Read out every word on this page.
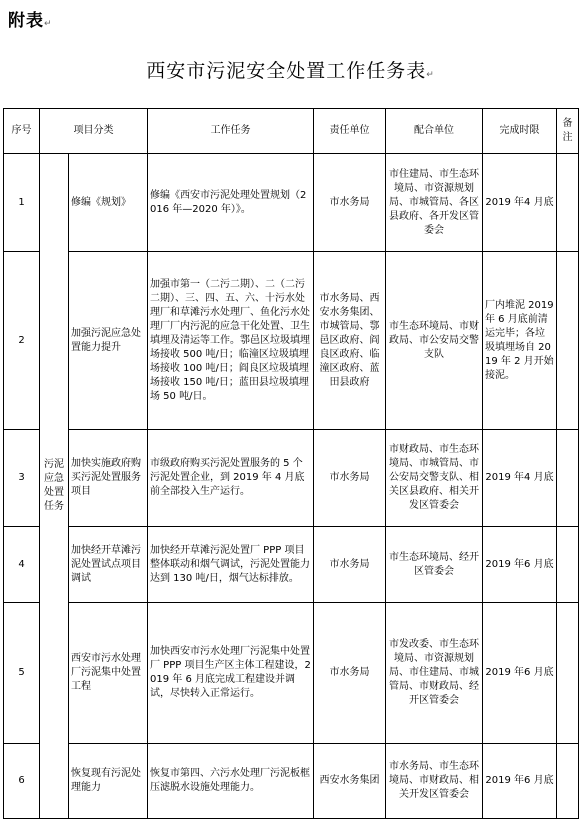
附表↵
西安市污泥安全处置工作任务表↵
序号	项目分类		工作任务	责任单位	配合单位	完成时限	备注
1	污泥应急处置任务	修编《规划》	修编《西安市污泥处理处置规划（2016 年—2020 年）》。	市水务局	市住建局、市生态环境局、市资源规划局、市城管局、各区县政府、各开发区管委会	2019 年4 月底	
2		加强污泥应急处置能力提升	加强市第一（二污二期）、二（二污二期）、三、四、五、六、十污水处理厂和草滩污水处理厂、鱼化污水处理厂厂内污泥的应急干化处置、卫生填埋及清运等工作。鄠邑区垃圾填埋场接收 500 吨/日；临潼区垃圾填埋场接收 100 吨/日；阎良区垃圾填埋场接收 150 吨/日；蓝田县垃圾填埋场 50 吨/日。	市水务局、西安水务集团、市城管局、鄠邑区政府、阎良区政府、临潼区政府、蓝田县政府	市生态环境局、市财政局、市公安局交警支队	厂内堆泥 2019 年 6 月底前清运完毕；各垃圾填埋场自 2019 年 2 月开始接泥。	
3		加快实施政府购买污泥处置服务项目	市级政府购买污泥处置服务的 5 个污泥处置企业，到 2019 年 4 月底前全部投入生产运行。	市水务局	市财政局、市生态环境局、市城管局、市公安局交警支队、相关区县政府、相关开发区管委会	2019 年4 月底	
4		加快经开草滩污泥处置试点项目调试	加快经开草滩污泥处置厂 PPP 项目整体联动和烟气调试，污泥处置能力达到 130 吨/日，烟气达标排放。	市水务局	市生态环境局、经开区管委会	2019 年6 月底	
5		西安市污水处理厂污泥集中处置工程	加快西安市污水处理厂污泥集中处置厂 PPP 项目生产区主体工程建设，2019 年 6 月底完成工程建设并调试，尽快转入正常运行。	市水务局	市发改委、市生态环境局、市资源规划局、市住建局、市城管局、市财政局、经开区管委会	2019 年6 月底	
6		恢复现有污泥处理能力	恢复市第四、六污水处理厂污泥板框压滤脱水设施处理能力。	西安水务集团	市水务局、市生态环境局、市财政局、相关开发区管委会	2019 年6 月底	
